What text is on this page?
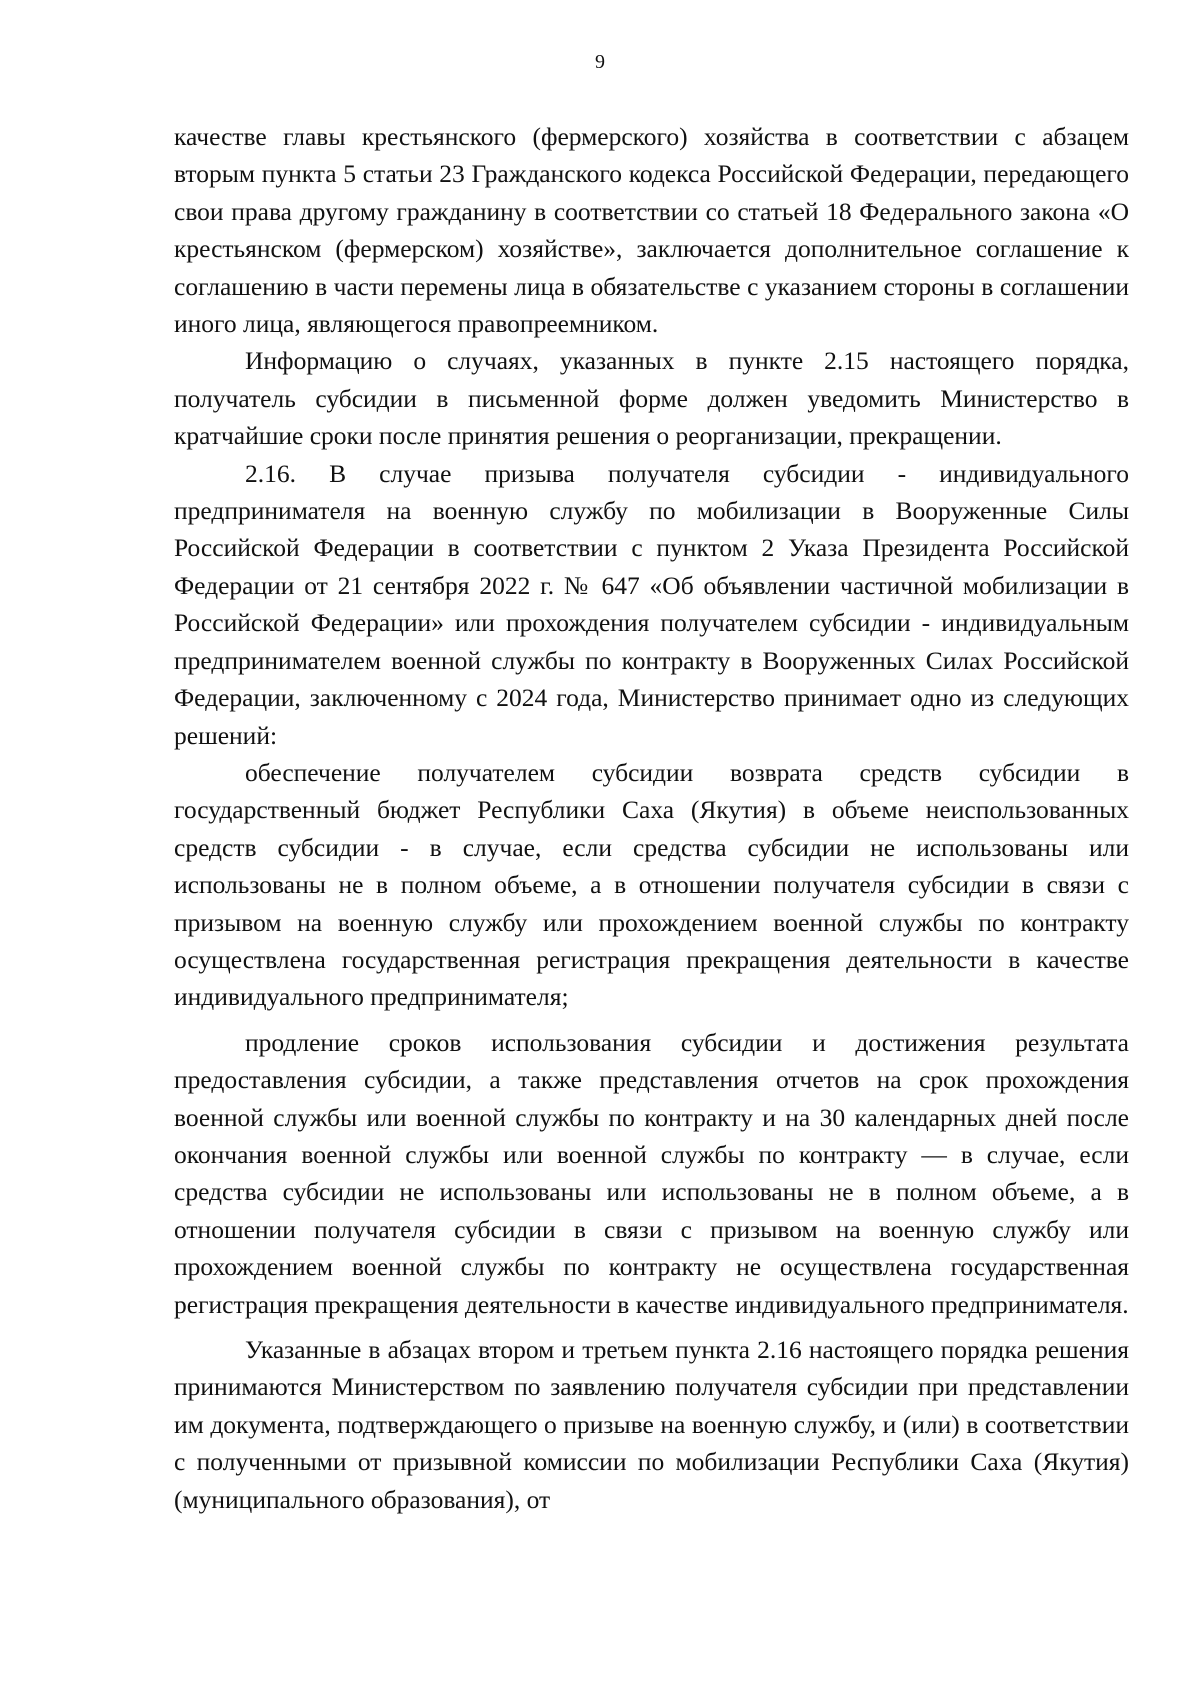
9

качестве главы крестьянского (фермерского) хозяйства в соответствии с абзацем вторым пункта 5 статьи 23 Гражданского кодекса Российской Федерации, передающего свои права другому гражданину в соответствии со статьей 18 Федерального закона «О крестьянском (фермерском) хозяйстве», заключается дополнительное соглашение к соглашению в части перемены лица в обязательстве с указанием стороны в соглашении иного лица, являющегося правопреемником.

Информацию о случаях, указанных в пункте 2.15 настоящего порядка, получатель субсидии в письменной форме должен уведомить Министерство в кратчайшие сроки после принятия решения о реорганизации, прекращении.

2.16. В случае призыва получателя субсидии - индивидуального предпринимателя на военную службу по мобилизации в Вооруженные Силы Российской Федерации в соответствии с пунктом 2 Указа Президента Российской Федерации от 21 сентября 2022 г. № 647 «Об объявлении частичной мобилизации в Российской Федерации» или прохождения получателем субсидии - индивидуальным предпринимателем военной службы по контракту в Вооруженных Силах Российской Федерации, заключенному с 2024 года, Министерство принимает одно из следующих решений:

обеспечение получателем субсидии возврата средств субсидии в государственный бюджет Республики Саха (Якутия) в объеме неиспользованных средств субсидии - в случае, если средства субсидии не использованы или использованы не в полном объеме, а в отношении получателя субсидии в связи с призывом на военную службу или прохождением военной службы по контракту осуществлена государственная регистрация прекращения деятельности в качестве индивидуального предпринимателя;

продление сроков использования субсидии и достижения результата предоставления субсидии, а также представления отчетов на срок прохождения военной службы или военной службы по контракту и на 30 календарных дней после окончания военной службы или военной службы по контракту — в случае, если средства субсидии не использованы или использованы не в полном объеме, а в отношении получателя субсидии в связи с призывом на военную службу или прохождением военной службы по контракту не осуществлена государственная регистрация прекращения деятельности в качестве индивидуального предпринимателя.

Указанные в абзацах втором и третьем пункта 2.16 настоящего порядка решения принимаются Министерством по заявлению получателя субсидии при представлении им документа, подтверждающего о призыве на военную службу, и (или) в соответствии с полученными от призывной комиссии по мобилизации Республики Саха (Якутия) (муниципального образования), от
